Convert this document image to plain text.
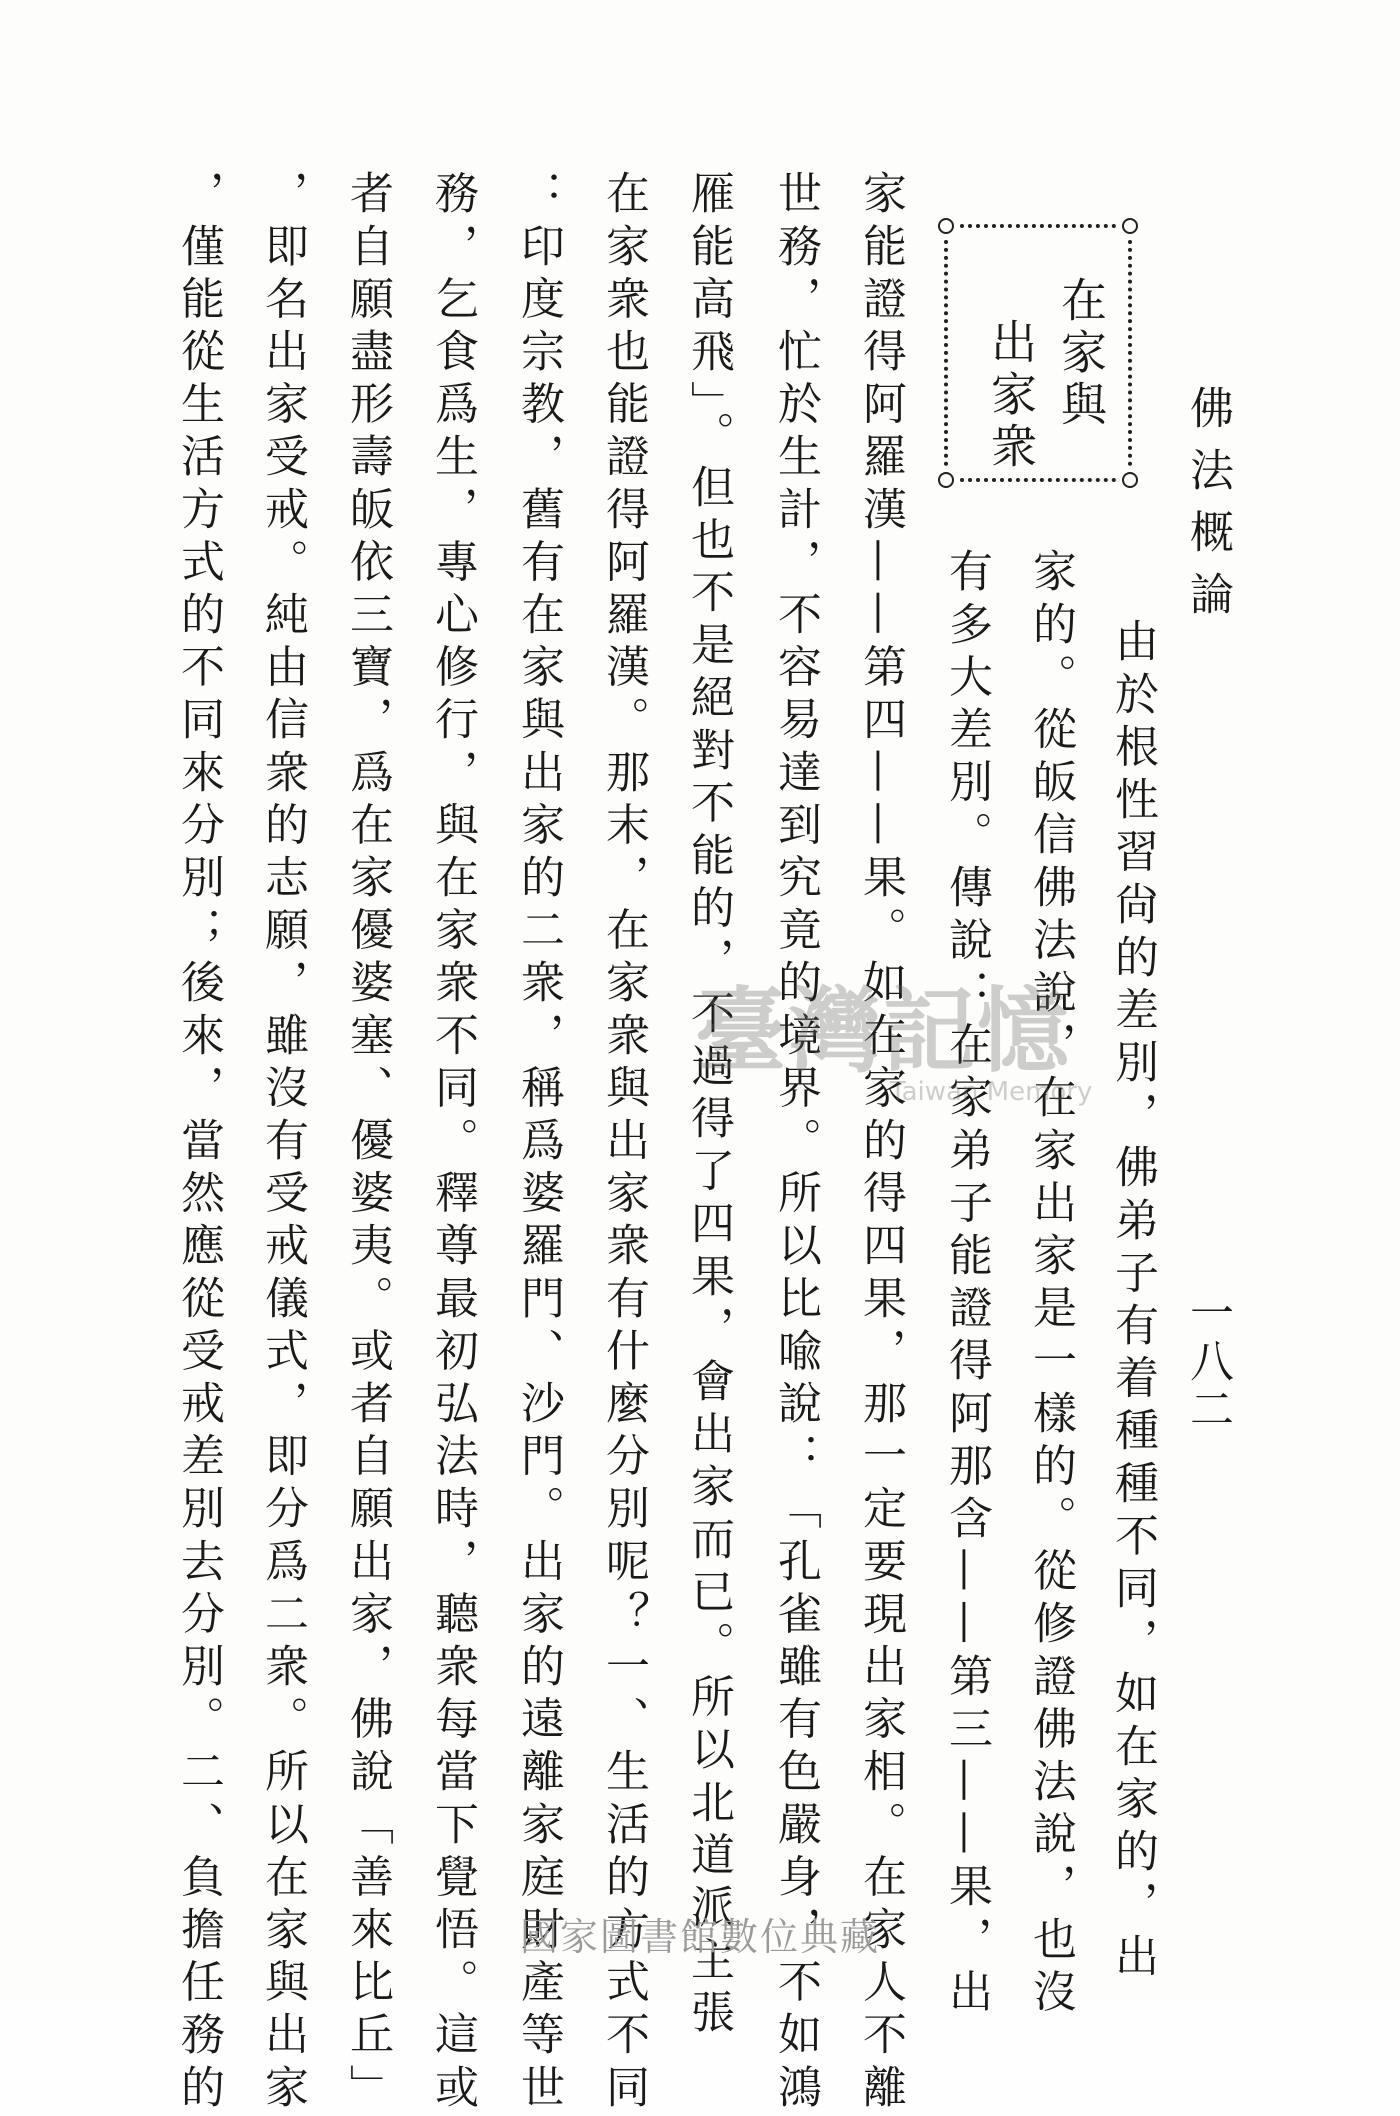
佛法概論
一八二
在家與
出家衆
由於根性習尙的差別，佛弟子有着種種不同，如在家的，出
家的。從皈信佛法說，在家出家是一樣的。從修證佛法說，也沒
有多大差別。傳說：在家弟子能證得阿那含——第三——果，出
家能證得阿羅漢——第四——果。如在家的得四果，那一定要現出家相。在家人不離
世務，忙於生計，不容易達到究竟的境界。所以比喩說：「孔雀雖有色嚴身，不如鴻
雁能高飛」。但也不是絕對不能的，不過得了四果，會出家而已。所以北道派主張
在家衆也能證得阿羅漢。那末，在家衆與出家衆有什麼分別呢？一、生活的方式不同
：印度宗教，舊有在家與出家的二衆，稱爲婆羅門、沙門。出家的遠離家庭財產等世
務，乞食爲生，專心修行，與在家衆不同。釋尊最初弘法時，聽衆每當下覺悟。這或
者自願盡形壽皈依三寶，爲在家優婆塞、優婆夷。或者自願出家，佛說「善來比丘」
，即名出家受戒。純由信衆的志願，雖沒有受戒儀式，即分爲二衆。所以在家與出家
，僅能從生活方式的不同來分別；後來，當然應從受戒差別去分別。二、負擔任務的	臺灣記憶
Taiwan Memory
國家圖書館數位典藏
